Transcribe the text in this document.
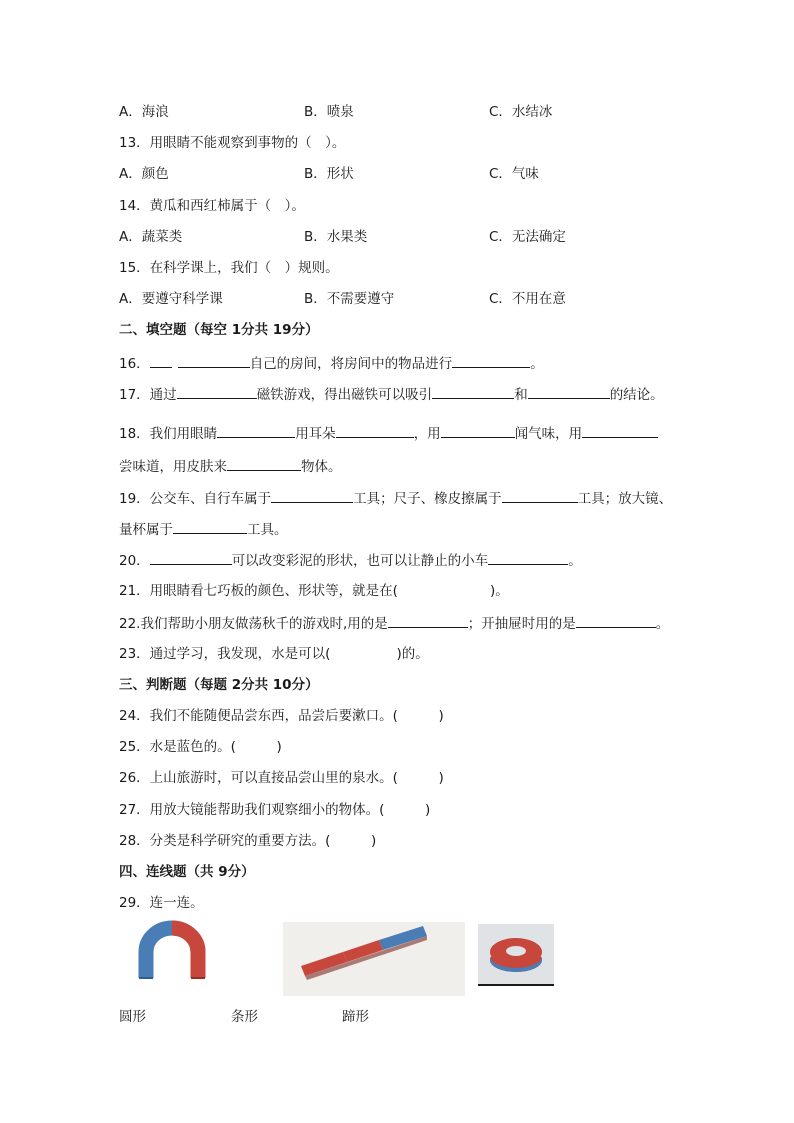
A．海浪	B．喷泉	C．水结冰
13．用眼睛不能观察到事物的（　）。
A．颜色	B．形状	C．气味
14．黄瓜和西红柿属于（　）。
A．蔬菜类	B．水果类	C．无法确定
15．在科学课上，我们（　）规则。
A．要遵守科学课	B．不需要遵守	C．不用在意
二、填空题（每空 1分共 19分）
16．	自己的房间，将房间中的物品进行	。
17．通过	磁铁游戏，得出磁铁可以吸引	和	的结论。
18．我们用眼睛	用耳朵	，用	闻气味，用
尝味道，用皮肤来	物体。
19．公交车、自行车属于	工具；尺子、橡皮擦属于	工具；放大镜、
量杯属于	工具。
20．	可以改变彩泥的形状，也可以让静止的小车	。
21．用眼睛看七巧板的颜色、形状等，就是在(	)。
22.我们帮助小朋友做荡秋千的游戏时,用的是	；开抽屉时用的是	。
23．通过学习，我发现，水是可以(	)的。
三、判断题（每题 2分共 10分）
24．我们不能随便品尝东西，品尝后要漱口。(　　　)
25．水是蓝色的。(　　　)
26．上山旅游时，可以直接品尝山里的泉水。(　　　)
27．用放大镜能帮助我们观察细小的物体。(　　　)
28．分类是科学研究的重要方法。(　　　)
四、连线题（共 9分）
29．连一连。
圆形	条形	蹄形
